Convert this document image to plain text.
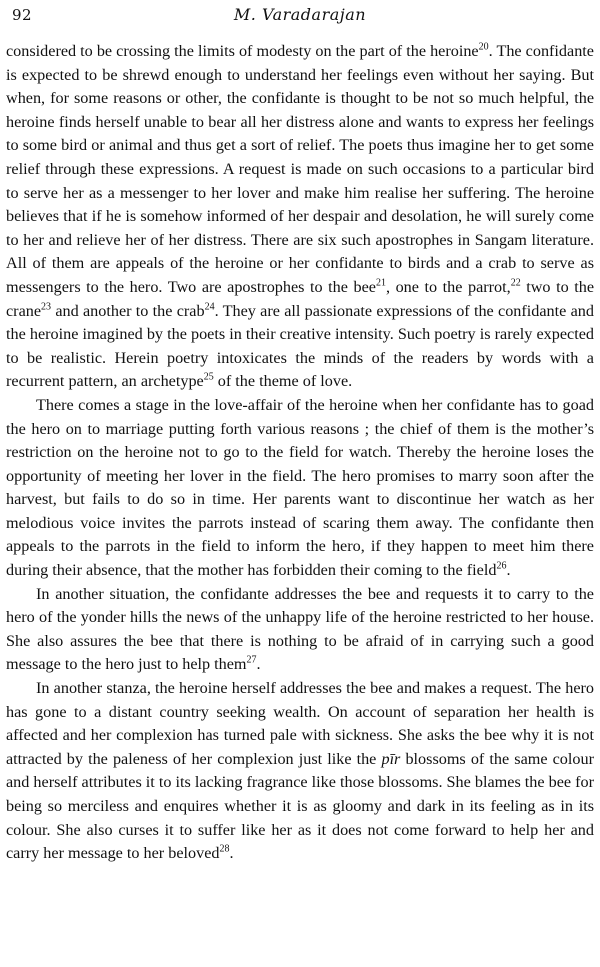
92	M. Varadarajan

considered to be crossing the limits of modesty on the part of the heroine$^{20}$. The confidante is expected to be shrewd enough to understand her feelings even without her saying. But when, for some reasons or other, the confidante is thought to be not so much helpful, the heroine finds herself unable to bear all her distress alone and wants to express her feelings to some bird or animal and thus get a sort of relief. The poets thus imagine her to get some relief through these expressions. A request is made on such occasions to a particular bird to serve her as a messenger to her lover and make him realise her suffering. The heroine believes that if he is somehow informed of her despair and desolation, he will surely come to her and relieve her of her distress. There are six such apostrophes in Sangam literature. All of them are appeals of the heroine or her confidante to birds and a crab to serve as messengers to the hero. Two are apostrophes to the bee$^{21}$, one to the parrot,$^{22}$ two to the crane$^{23}$ and another to the crab$^{24}$. They are all passionate expressions of the confidante and the heroine imagined by the poets in their creative intensity. Such poetry is rarely expected to be realistic. Herein poetry intoxicates the minds of the readers by words with a recurrent pattern, an archetype$^{25}$ of the theme of love.

There comes a stage in the love-affair of the heroine when her confidante has to goad the hero on to marriage putting forth various reasons ; the chief of them is the mother’s restriction on the heroine not to go to the field for watch. Thereby the heroine loses the opportunity of meeting her lover in the field. The hero promises to marry soon after the harvest, but fails to do so in time. Her parents want to discontinue her watch as her melodious voice invites the parrots instead of scaring them away. The confidante then appeals to the parrots in the field to inform the hero, if they happen to meet him there during their absence, that the mother has forbidden their coming to the field$^{26}$.

In another situation, the confidante addresses the bee and requests it to carry to the hero of the yonder hills the news of the unhappy life of the heroine restricted to her house. She also assures the bee that there is nothing to be afraid of in carrying such a good message to the hero just to help them$^{27}$.

In another stanza, the heroine herself addresses the bee and makes a request. The hero has gone to a distant country seeking wealth. On account of separation her health is affected and her complexion has turned pale with sickness. She asks the bee why it is not attracted by the paleness of her complexion just like the pīr blossoms of the same colour and herself attributes it to its lacking fragrance like those blossoms. She blames the bee for being so merciless and enquires whether it is as gloomy and dark in its feeling as in its colour. She also curses it to suffer like her as it does not come forward to help her and carry her message to her beloved$^{28}$.
